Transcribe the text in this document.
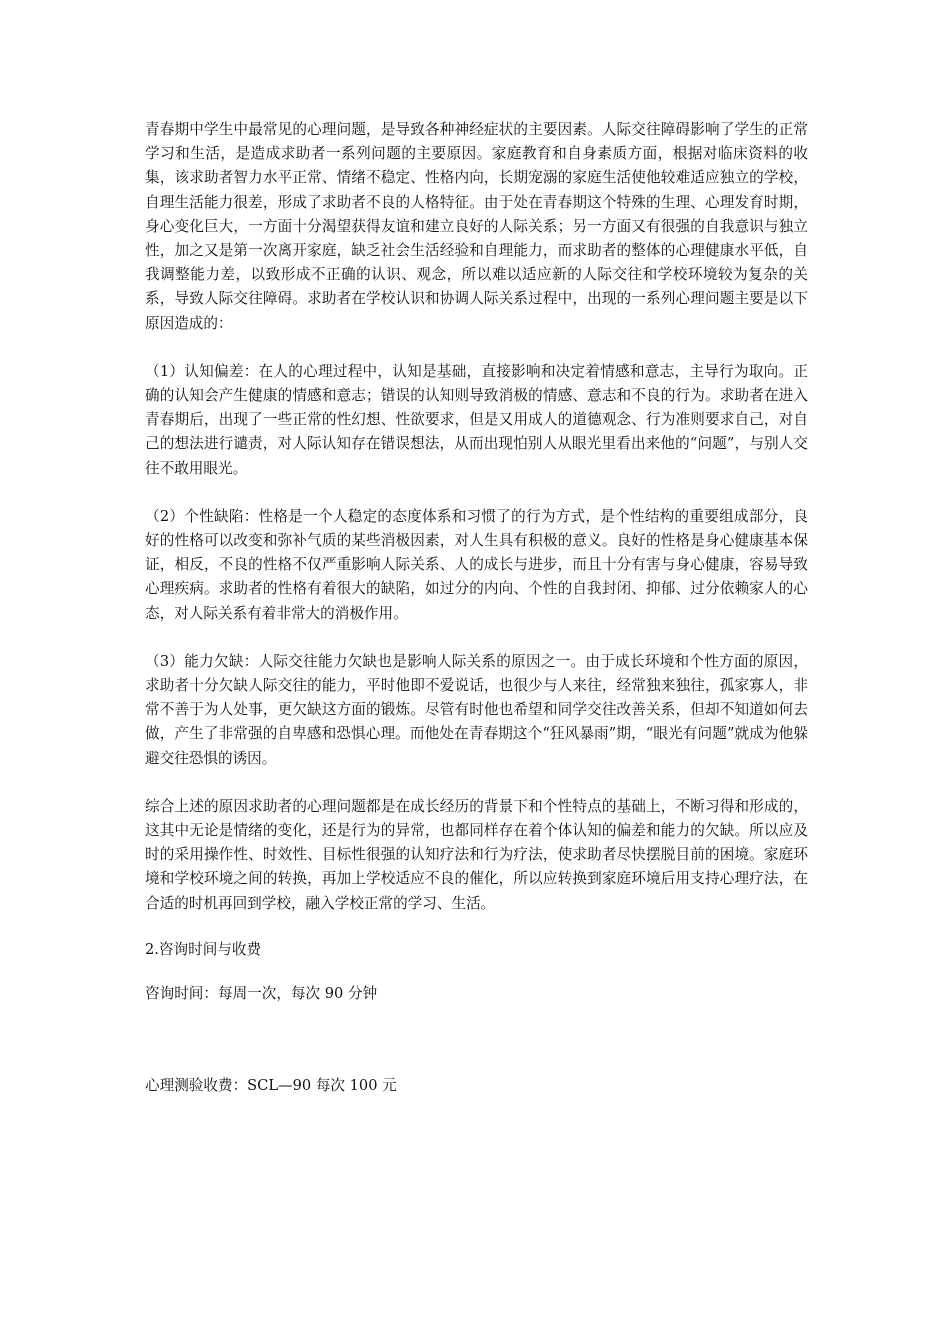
青春期中学生中最常见的心理问题，是导致各种神经症状的主要因素。人际交往障碍影响了学生的正常学习和生活，是造成求助者一系列问题的主要原因。家庭教育和自身素质方面，根据对临床资料的收集，该求助者智力水平正常、情绪不稳定、性格内向，长期宠溺的家庭生活使他较难适应独立的学校，自理生活能力很差，形成了求助者不良的人格特征。由于处在青春期这个特殊的生理、心理发育时期，身心变化巨大，一方面十分渴望获得友谊和建立良好的人际关系；另一方面又有很强的自我意识与独立性，加之又是第一次离开家庭，缺乏社会生活经验和自理能力，而求助者的整体的心理健康水平低，自我调整能力差，以致形成不正确的认识、观念，所以难以适应新的人际交往和学校环境较为复杂的关系，导致人际交往障碍。求助者在学校认识和协调人际关系过程中，出现的一系列心理问题主要是以下原因造成的：

（1）认知偏差：在人的心理过程中，认知是基础，直接影响和决定着情感和意志，主导行为取向。正确的认知会产生健康的情感和意志；错误的认知则导致消极的情感、意志和不良的行为。求助者在进入青春期后，出现了一些正常的性幻想、性欲要求，但是又用成人的道德观念、行为准则要求自己，对自己的想法进行谴责，对人际认知存在错误想法，从而出现怕别人从眼光里看出来他的“问题”，与别人交往不敢用眼光。

（2）个性缺陷：性格是一个人稳定的态度体系和习惯了的行为方式，是个性结构的重要组成部分，良好的性格可以改变和弥补气质的某些消极因素，对人生具有积极的意义。良好的性格是身心健康基本保证，相反，不良的性格不仅严重影响人际关系、人的成长与进步，而且十分有害与身心健康，容易导致心理疾病。求助者的性格有着很大的缺陷，如过分的内向、个性的自我封闭、抑郁、过分依赖家人的心态，对人际关系有着非常大的消极作用。

（3）能力欠缺：人际交往能力欠缺也是影响人际关系的原因之一。由于成长环境和个性方面的原因，求助者十分欠缺人际交往的能力，平时他即不爱说话，也很少与人来往，经常独来独往，孤家寡人，非常不善于为人处事，更欠缺这方面的锻炼。尽管有时他也希望和同学交往改善关系，但却不知道如何去做，产生了非常强的自卑感和恐惧心理。而他处在青春期这个“狂风暴雨”期，“眼光有问题”就成为他躲避交往恐惧的诱因。

综合上述的原因求助者的心理问题都是在成长经历的背景下和个性特点的基础上，不断习得和形成的，这其中无论是情绪的变化，还是行为的异常，也都同样存在着个体认知的偏差和能力的欠缺。所以应及时的采用操作性、时效性、目标性很强的认知疗法和行为疗法，使求助者尽快摆脱目前的困境。家庭环境和学校环境之间的转换，再加上学校适应不良的催化，所以应转换到家庭环境后用支持心理疗法，在合适的时机再回到学校，融入学校正常的学习、生活。

2.咨询时间与收费

咨询时间：每周一次，每次 90 分钟

心理测验收费：SCL—90 每次 100 元
